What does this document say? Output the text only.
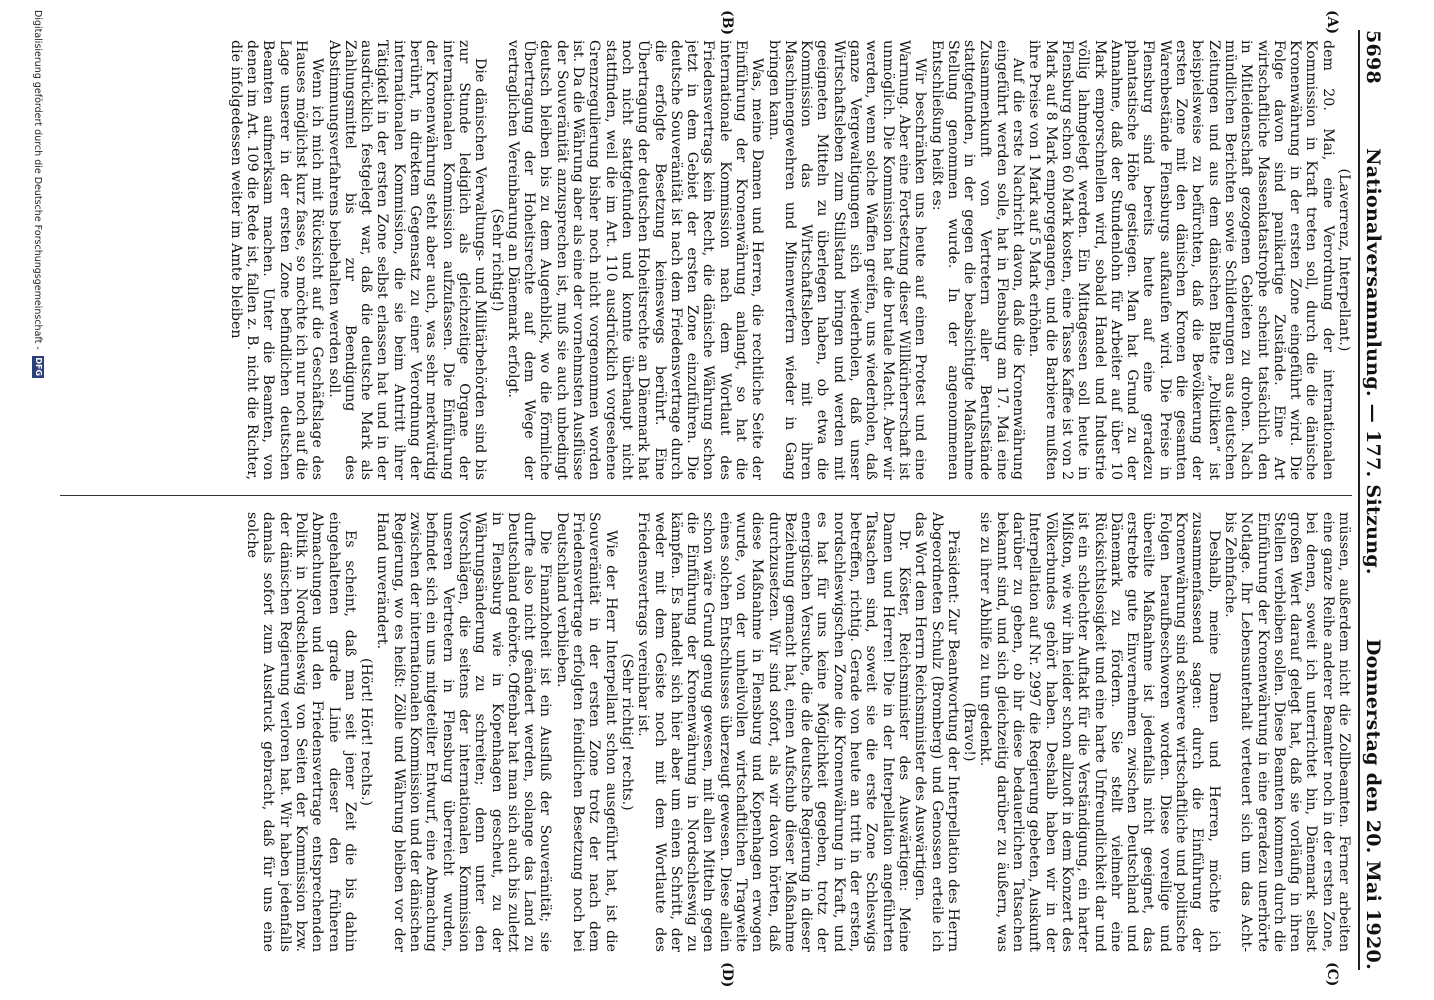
5698
Nationalversammlung. — 177. Sitzung.
Donnerstag den 20. Mai 1920.
(A)
(B)
(C)
(D)

(Laverrenz, Interpellant.)

dem 20. Mai, eine Verordnung der internationalen Kommission in Kraft treten soll, durch die die dänische Kronenwährung in der ersten Zone eingeführt wird. Die Folge davon sind panikartige Zustände. Eine Art wirtschaftliche Massenkatastrophe scheint tatsächlich den in Mitleidenschaft gezogenen Gebieten zu drohen. Nach mündlichen Berichten sowie Schilderungen aus deutschen Zeitungen und aus dem dänischen Blatte „Politiken“ ist beispielsweise zu befürchten, daß die Bevölkerung der ersten Zone mit den dänischen Kronen die gesamten Warenbestände Flensburgs aufkaufen wird. Die Preise in Flensburg sind bereits heute auf eine geradezu phantastische Höhe gestiegen. Man hat Grund zu der Annahme, daß der Stundenlohn für Arbeiter auf über 10 Mark emporschnellen wird, sobald Handel und Industrie völlig lahmgelegt werden. Ein Mittagessen soll heute in Flensburg schon 60 Mark kosten, eine Tasse Kaffee ist von 2 Mark auf 8 Mark emporgegangen, und die Barbiere mußten ihre Preise von 1 Mark auf 5 Mark erhöhen.

Auf die erste Nachricht davon, daß die Kronenwährung eingeführt werden solle, hat in Flensburg am 17. Mai eine Zusammenkunft von Vertretern aller Berufsstände stattgefunden, in der gegen die beabsichtigte Maßnahme Stellung genommen wurde. In der angenommenen Entschließung heißt es:

Wir beschränken uns heute auf einen Protest und eine Warnung. Aber eine Fortsetzung dieser Willkürherrschaft ist unmöglich. Die Kommission hat die brutale Macht. Aber wir werden, wenn solche Waffen greifen, uns wiederholen, daß ganze Vergewaltigungen sich wiederholen, daß unser Wirtschaftsleben zum Stillstand bringen und werden mit geeigneten Mitteln zu überlegen haben, ob etwa die Kommission das Wirtschaftsleben mit ihren Maschinengewehren und Minenwerfern wieder in Gang bringen kann.

Was, meine Damen und Herren, die rechtliche Seite der Einführung der Kronenwährung anlangt, so hat die internationale Kommission nach dem Wortlaut des Friedensvertrags kein Recht, die dänische Währung schon jetzt in dem Gebiet der ersten Zone einzuführen. Die deutsche Souveränität ist nach dem Friedensvertrage durch die erfolgte Besetzung keineswegs berührt. Eine Übertragung der deutschen Hoheitsrechte an Dänemark hat noch nicht stattgefunden und konnte überhaupt nicht stattfinden, weil die im Art. 110 ausdrücklich vorgesehene Grenzregulierung bisher noch nicht vorgenommen worden ist. Da die Währung aber als eine der vornehmsten Ausflüsse der Souveränität anzusprechen ist, muß sie auch unbedingt deutsch bleiben bis zu dem Augenblick, wo die förmliche Übertragung der Hoheitsrechte auf dem Wege der vertraglichen Vereinbarung an Dänemark erfolgt.

(Sehr richtig!)

Die dänischen Verwaltungs- und Militärbehörden sind bis zur Stunde lediglich als gleichzeitige Organe der internationalen Kommission aufzufassen. Die Einführung der Kronenwährung steht aber auch, was sehr merkwürdig berührt, in direktem Gegensatz zu einer Verordnung der internationalen Kommission, die sie beim Antritt ihrer Tätigkeit in der ersten Zone selbst erlassen hat und in der ausdrücklich festgelegt war, daß die deutsche Mark als Zahlungsmittel bis zur Beendigung des Abstimmungsverfahrens beibehalten werden soll.

Wenn ich mich mit Rücksicht auf die Geschäftslage des Hauses möglichst kurz fasse, so möchte ich nur noch auf die Lage unserer in der ersten Zone befindlichen deutschen Beamten aufmerksam machen. Unter die Beamten, von denen im Art. 109 die Rede ist, fallen z. B. nicht die Richter, die infolgedessen weiter im Amte bleiben

müssen, außerdem nicht die Zollbeamten. Ferner arbeiten eine ganze Reihe anderer Beamter noch in der ersten Zone, bei denen, soweit ich unterrichtet bin, Dänemark selbst großen Wert darauf gelegt hat, daß sie vorläufig in ihren Stellen verbleiben sollen. Diese Beamten kommen durch die Einführung der Kronenwährung in eine geradezu unerhörte Notlage. Ihr Lebensunterhalt verteuert sich um das Acht- bis Zehnfache.

Deshalb, meine Damen und Herren, möchte ich zusammenfassend sagen: durch die Einführung der Kronenwährung sind schwere wirtschaftliche und politische Folgen heraufbeschworen worden. Diese voreilige und übereilte Maßnahme ist jedenfalls nicht geeignet, das erstrebte gute Einvernehmen zwischen Deutschland und Dänemark zu fördern. Sie stellt vielmehr eine Rücksichtslosigkeit und eine harte Unfreundlichkeit dar und ist ein schlechter Auftakt für die Verständigung, ein harter Mißton, wie wir ihn leider schon allzuoft in dem Konzert des Völkerbundes gehört haben. Deshalb haben wir in der Interpellation auf Nr. 2997 die Regierung gebeten, Auskunft darüber zu geben, ob ihr diese bedauerlichen Tatsachen bekannt sind, und sich gleichzeitig darüber zu äußern, was sie zu ihrer Abhilfe zu tun gedenkt.

(Bravo!)

Präsident: Zur Beantwortung der Interpellation des Herrn Abgeordneten Schulz (Bromberg) und Genossen erteile ich das Wort dem Herrn Reichsminister des Auswärtigen.

Dr. Köster, Reichsminister des Auswärtigen: Meine Damen und Herren! Die in der Interpellation angeführten Tatsachen sind, soweit sie die erste Zone Schleswigs betreffen, richtig. Gerade von heute an tritt in der ersten, nordschleswigschen Zone die Kronenwährung in Kraft, und es hat für uns keine Möglichkeit gegeben, trotz der energischen Versuche, die die deutsche Regierung in dieser Beziehung gemacht hat, einen Aufschub dieser Maßnahme durchzusetzen. Wir sind sofort, als wir davon hörten, daß diese Maßnahme in Flensburg und Kopenhagen erwogen wurde, von der unheilvollen wirtschaftlichen Tragweite eines solchen Entschlusses überzeugt gewesen. Diese allein schon wäre Grund genug gewesen, mit allen Mitteln gegen die Einführung der Kronenwährung in Nordschleswig zu kämpfen. Es handelt sich hier aber um einen Schritt, der weder mit dem Geiste noch mit dem Wortlaute des Friedensvertrags vereinbar ist.

(Sehr richtig! rechts.)

Wie der Herr Interpellant schon ausgeführt hat, ist die Souveränität in der ersten Zone trotz der nach dem Friedensvertrage erfolgten feindlichen Besetzung noch bei Deutschland verblieben.

Die Finanzhoheit ist ein Ausfluß der Souveränität; sie durfte also nicht geändert werden, solange das Land zu Deutschland gehörte. Offenbar hat man sich auch bis zuletzt in Flensburg wie in Kopenhagen gescheut, zu der Währungsänderung zu schreiten; denn unter den Vorschlägen, die seitens der internationalen Kommission unseren Vertretern in Flensburg überreicht wurden, befindet sich ein uns mitgeteilter Entwurf, eine Abmachung zwischen der internationalen Kommission und der dänischen Regierung, wo es heißt: Zölle und Währung bleiben vor der Hand unverändert.

(Hört! Hört! rechts.)

Es scheint, daß man seit jener Zeit die bis dahin eingehaltenen grade Linie dieser den früheren Abmachungen und den Friedensvertrage entsprechenden Politik in Nordschleswig von Seiten der Kommission bzw. der dänischen Regierung verloren hat. Wir haben jedenfalls damals sofort zum Ausdruck gebracht, daß für uns eine solche

Digitalisierung gefördert durch die Deutsche Forschungsgemeinschaft -
DFG
